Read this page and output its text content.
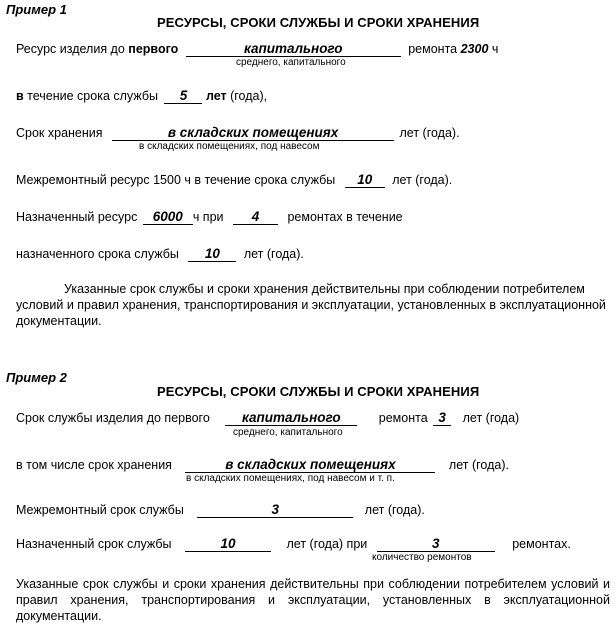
Пример 1
РЕСУРСЫ, СРОКИ СЛУЖБЫ И СРОКИ ХРАНЕНИЯ
Ресурс изделия до первого	капитального	ремонта 2300 ч
среднего, капитального
в течение срока службы 5 лет (года),
Срок хранения	в складских помещениях	лет (года).
в складских помещениях, под навесом
Межремонтный ресурс 1500 ч в течение срока службы 10 лет (года).
Назначенный ресурс 6000 ч при 4 ремонтах в течение
назначенного срока службы 10 лет (года).
Указанные срок службы и сроки хранения действительны при соблюдении потребителем условий и правил хранения, транспортирования и эксплуатации, установленных в эксплуатационной документации.
Пример 2
РЕСУРСЫ, СРОКИ СЛУЖБЫ И СРОКИ ХРАНЕНИЯ
Срок службы изделия до первого капитального	ремонта 3 лет (года)
среднего, капитального
в том числе срок хранения	в складских помещениях	лет (года).
в складских помещениях, под навесом и т. п.
Межремонтный срок службы	3	лет (года).
Назначенный срок службы	10	лет (года) при	3	ремонтах.
количество ремонтов
Указанные срок службы и сроки хранения действительны при соблюдении потребителем условий и правил хранения, транспортирования и эксплуатации, установленных в эксплуатационной документации.
